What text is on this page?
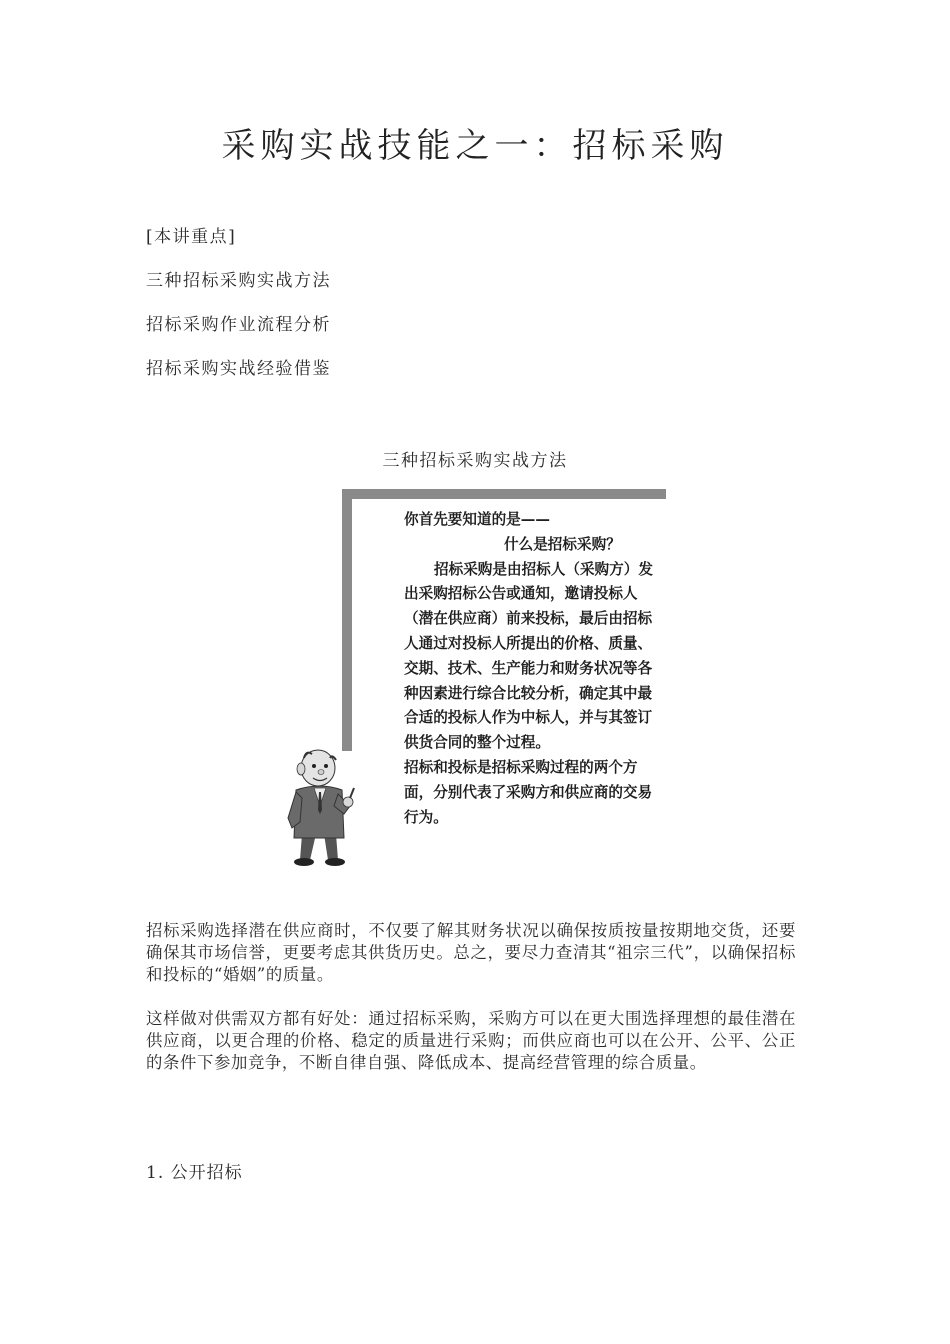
采购实战技能之一：招标采购
[本讲重点]
三种招标采购实战方法
招标采购作业流程分析
招标采购实战经验借鉴
三种招标采购实战方法

你首先要知道的是——

什么是招标采购？

招标采购是由招标人（采购方）发出采购招标公告或通知，邀请投标人（潜在供应商）前来投标，最后由招标人通过对投标人所提出的价格、质量、交期、技术、生产能力和财务状况等各种因素进行综合比较分析，确定其中最合适的投标人作为中标人，并与其签订供货合同的整个过程。

招标和投标是招标采购过程的两个方面，分别代表了采购方和供应商的交易行为。

招标采购选择潜在供应商时，不仅要了解其财务状况以确保按质按量按期地交货，还要确保其市场信誉，更要考虑其供货历史。总之，要尽力查清其“祖宗三代”，以确保招标和投标的“婚姻”的质量。

这样做对供需双方都有好处：通过招标采购，采购方可以在更大围选择理想的最佳潜在供应商，以更合理的价格、稳定的质量进行采购；而供应商也可以在公开、公平、公正的条件下参加竞争，不断自律自强、降低成本、提高经营管理的综合质量。

1. 公开招标
